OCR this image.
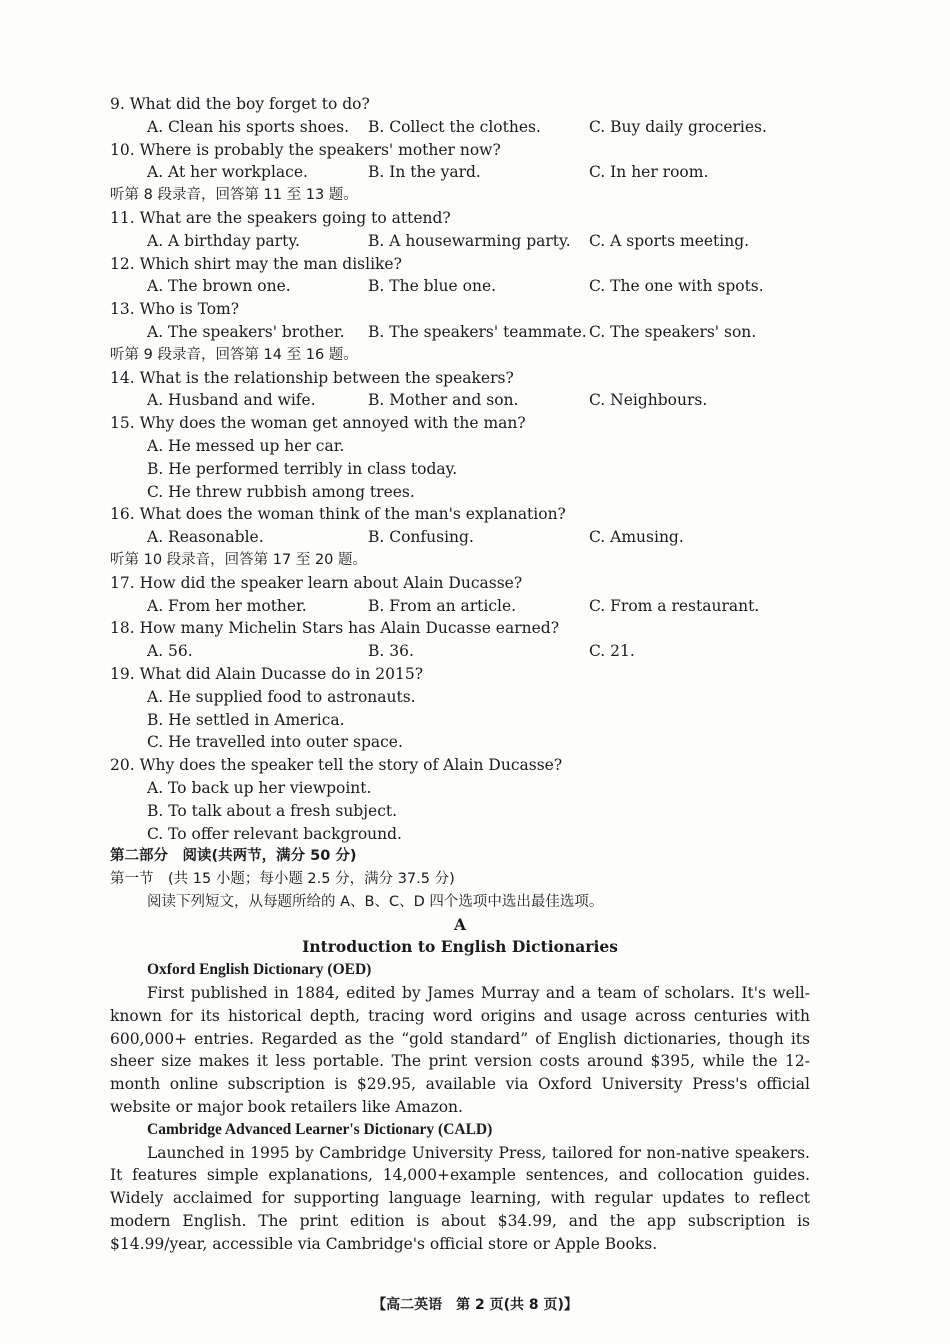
9. What did the boy forget to do?
A. Clean his sports shoes.	B. Collect the clothes.	C. Buy daily groceries.
10. Where is probably the speakers' mother now?
A. At her workplace.	B. In the yard.	C. In her room.
听第 8 段录音，回答第 11 至 13 题。
11. What are the speakers going to attend?
A. A birthday party.	B. A housewarming party.	C. A sports meeting.
12. Which shirt may the man dislike?
A. The brown one.	B. The blue one.	C. The one with spots.
13. Who is Tom?
A. The speakers' brother.	B. The speakers' teammate. C. The speakers' son.
听第 9 段录音，回答第 14 至 16 题。
14. What is the relationship between the speakers?
A. Husband and wife.	B. Mother and son.	C. Neighbours.
15. Why does the woman get annoyed with the man?
A. He messed up her car.
B. He performed terribly in class today.
C. He threw rubbish among trees.
16. What does the woman think of the man's explanation?
A. Reasonable.	B. Confusing.	C. Amusing.
听第 10 段录音，回答第 17 至 20 题。
17. How did the speaker learn about Alain Ducasse?
A. From her mother.	B. From an article.	C. From a restaurant.
18. How many Michelin Stars has Alain Ducasse earned?
A. 56.	B. 36.	C. 21.
19. What did Alain Ducasse do in 2015?
A. He supplied food to astronauts.
B. He settled in America.
C. He travelled into outer space.
20. Why does the speaker tell the story of Alain Ducasse?
A. To back up her viewpoint.
B. To talk about a fresh subject.
C. To offer relevant background.
第二部分　阅读(共两节，满分 50 分)
第一节　(共 15 小题；每小题 2.5 分，满分 37.5 分)
阅读下列短文，从每题所给的 A、B、C、D 四个选项中选出最佳选项。
A
Introduction to English Dictionaries
Oxford English Dictionary (OED)
First published in 1884, edited by James Murray and a team of scholars. It's well-known for its historical depth, tracing word origins and usage across centuries with 600,000+ entries. Regarded as the “gold standard” of English dictionaries, though its sheer size makes it less portable. The print version costs around $395, while the 12-month online subscription is $29.95, available via Oxford University Press's official website or major book retailers like Amazon.
Cambridge Advanced Learner's Dictionary (CALD)
Launched in 1995 by Cambridge University Press, tailored for non-native speakers. It features simple explanations, 14,000+example sentences, and collocation guides. Widely acclaimed for supporting language learning, with regular updates to reflect modern English. The print edition is about $34.99, and the app subscription is $14.99/year, accessible via Cambridge's official store or Apple Books.
【高二英语　第 2 页(共 8 页)】
